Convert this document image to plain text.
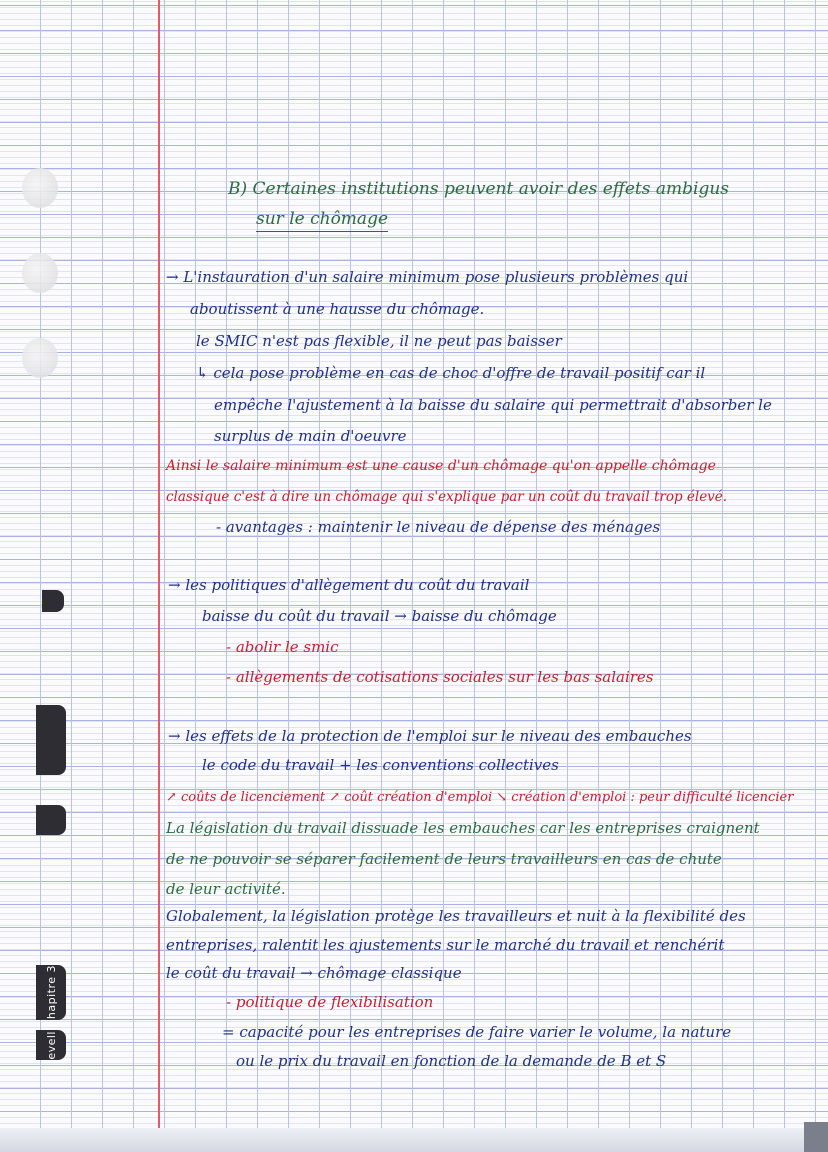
hapitre 3
evell

B) Certaines institutions peuvent avoir des effets ambigus

sur le chômage

→ L'instauration d'un salaire minimum pose plusieurs problèmes qui

aboutissent à une hausse du chômage.

le SMIC n'est pas flexible, il ne peut pas baisser

↳ cela pose problème en cas de choc d'offre de travail positif car il

empêche l'ajustement à la baisse du salaire qui permettrait d'absorber le

surplus de main d'oeuvre

Ainsi le salaire minimum est une cause d'un chômage qu'on appelle chômage

classique c'est à dire un chômage qui s'explique par un coût du travail trop élevé.

- avantages : maintenir le niveau de dépense des ménages

→ les politiques d'allègement du coût du travail

baisse du coût du travail → baisse du chômage

- abolir le smic

- allègements de cotisations sociales sur les bas salaires

→ les effets de la protection de l'emploi sur le niveau des embauches

le code du travail + les conventions collectives

↗ coûts de licenciement ↗ coût création d'emploi ↘ création d'emploi : peur difficulté licencier

La législation du travail dissuade les embauches car les entreprises craignent

de ne pouvoir se séparer facilement de leurs travailleurs en cas de chute

de leur activité.

Globalement, la législation protège les travailleurs et nuit à la flexibilité des

entreprises, ralentit les ajustements sur le marché du travail et renchérit

le coût du travail → chômage classique

- politique de flexibilisation

= capacité pour les entreprises de faire varier le volume, la nature

ou le prix du travail en fonction de la demande de B et S
